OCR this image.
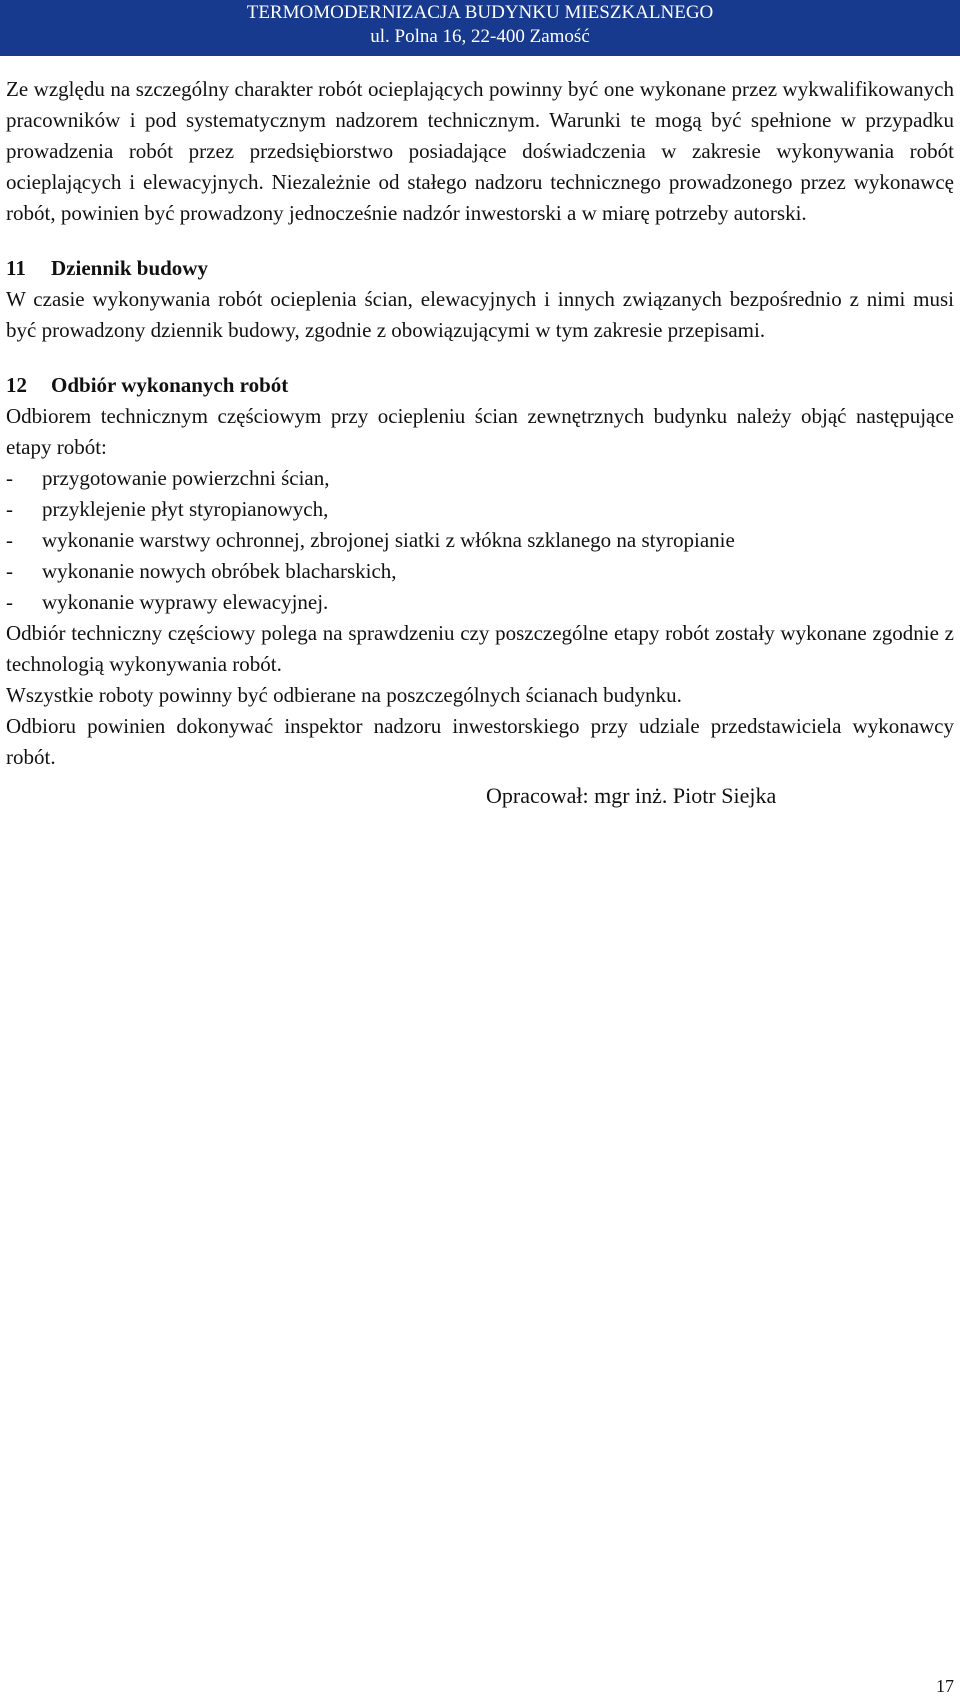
TERMOMODERNIZACJA BUDYNKU MIESZKALNEGO
ul. Polna 16, 22-400 Zamość

Ze względu na szczególny charakter robót ocieplających powinny być one wykonane przez wykwalifikowanych pracowników i pod systematycznym nadzorem technicznym. Warunki te mogą być spełnione w przypadku prowadzenia robót przez przedsiębiorstwo posiadające doświadczenia w zakresie wykonywania robót ocieplających i elewacyjnych. Niezależnie od stałego nadzoru technicznego prowadzonego przez wykonawcę robót, powinien być prowadzony jednocześnie nadzór inwestorski a w miarę potrzeby autorski.

11 Dziennik budowy

W czasie wykonywania robót ocieplenia ścian, elewacyjnych i innych związanych bezpośrednio z nimi musi być prowadzony dziennik budowy, zgodnie z obowiązującymi w tym zakresie przepisami.

12 Odbiór wykonanych robót

Odbiorem technicznym częściowym przy ociepleniu ścian zewnętrznych budynku należy objąć następujące etapy robót:

-	przygotowanie powierzchni ścian,
-	przyklejenie płyt styropianowych,
-	wykonanie warstwy ochronnej, zbrojonej siatki z włókna szklanego na styropianie
-	wykonanie nowych obróbek blacharskich,
-	wykonanie wyprawy elewacyjnej.

Odbiór techniczny częściowy polega na sprawdzeniu czy poszczególne etapy robót zostały wykonane zgodnie z technologią wykonywania robót.

Wszystkie roboty powinny być odbierane na poszczególnych ścianach budynku.

Odbioru powinien dokonywać inspektor nadzoru inwestorskiego przy udziale przedstawiciela wykonawcy robót.

Opracował: mgr inż. Piotr Siejka

17
